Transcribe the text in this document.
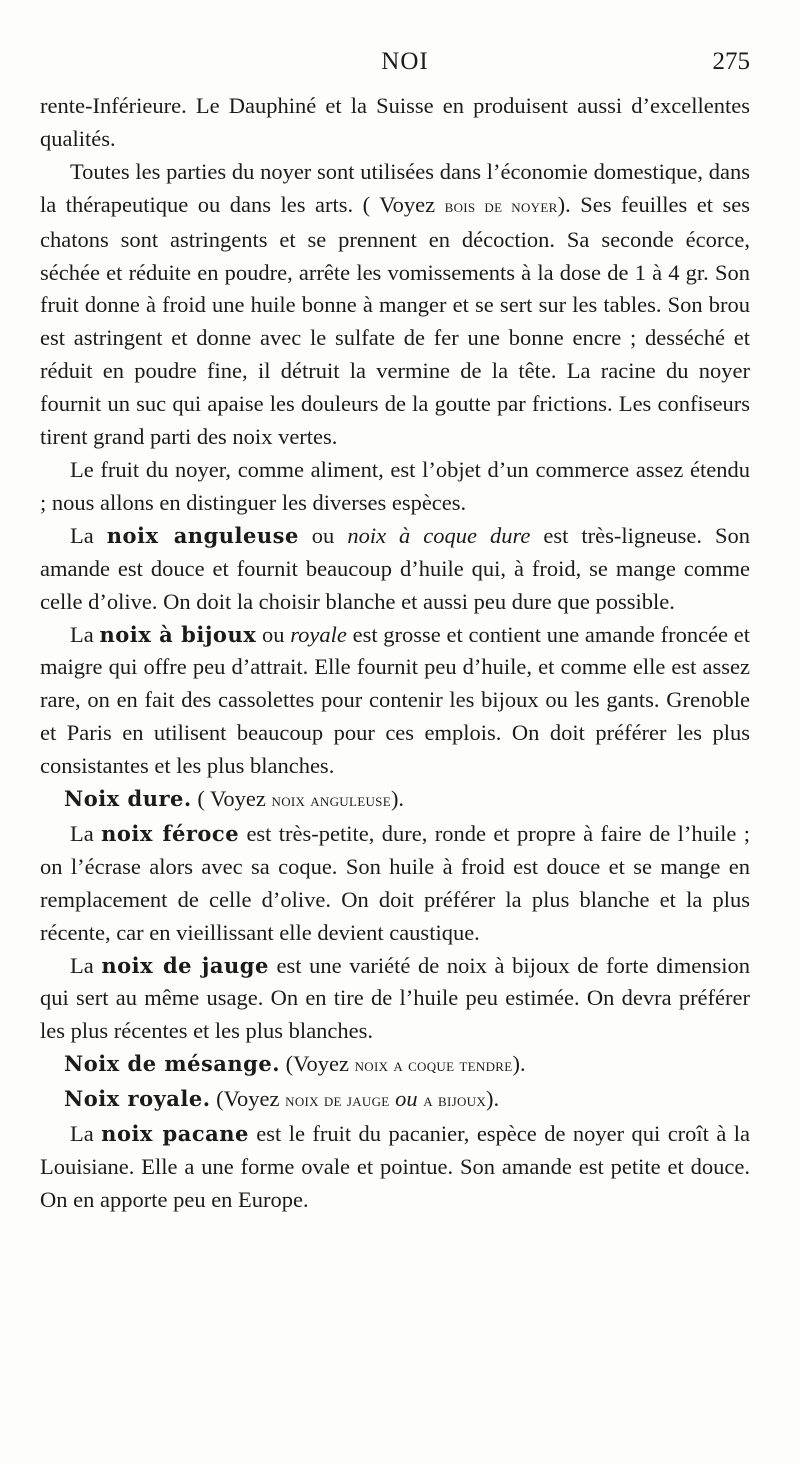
NOI	275

rente-Inférieure. Le Dauphiné et la Suisse en produisent aussi d’excellentes qualités.

Toutes les parties du noyer sont utilisées dans l’économie domestique, dans la thérapeutique ou dans les arts. ( Voyez bois de noyer). Ses feuilles et ses chatons sont astringents et se prennent en décoction. Sa seconde écorce, séchée et réduite en poudre, arrête les vomissements à la dose de 1 à 4 gr. Son fruit donne à froid une huile bonne à manger et se sert sur les tables. Son brou est astringent et donne avec le sulfate de fer une bonne encre ; desséché et réduit en poudre fine, il détruit la vermine de la tête. La racine du noyer fournit un suc qui apaise les douleurs de la goutte par frictions. Les confiseurs tirent grand parti des noix vertes.

Le fruit du noyer, comme aliment, est l’objet d’un commerce assez étendu ; nous allons en distinguer les diverses espèces.

La noix anguleuse ou noix à coque dure est très-ligneuse. Son amande est douce et fournit beaucoup d’huile qui, à froid, se mange comme celle d’olive. On doit la choisir blanche et aussi peu dure que possible.

La noix à bijoux ou royale est grosse et contient une amande froncée et maigre qui offre peu d’attrait. Elle fournit peu d’huile, et comme elle est assez rare, on en fait des cassolettes pour contenir les bijoux ou les gants. Grenoble et Paris en utilisent beaucoup pour ces emplois. On doit préférer les plus consistantes et les plus blanches.

Noix dure. ( Voyez noix anguleuse).

La noix féroce est très-petite, dure, ronde et propre à faire de l’huile ; on l’écrase alors avec sa coque. Son huile à froid est douce et se mange en remplacement de celle d’olive. On doit préférer la plus blanche et la plus récente, car en vieillissant elle devient caustique.

La noix de jauge est une variété de noix à bijoux de forte dimension qui sert au même usage. On en tire de l’huile peu estimée. On devra préférer les plus récentes et les plus blanches.

Noix de mésange. (Voyez noix a coque tendre).

Noix royale. (Voyez noix de jauge ou a bijoux).

La noix pacane est le fruit du pacanier, espèce de noyer qui croît à la Louisiane. Elle a une forme ovale et pointue. Son amande est petite et douce. On en apporte peu en Europe.
